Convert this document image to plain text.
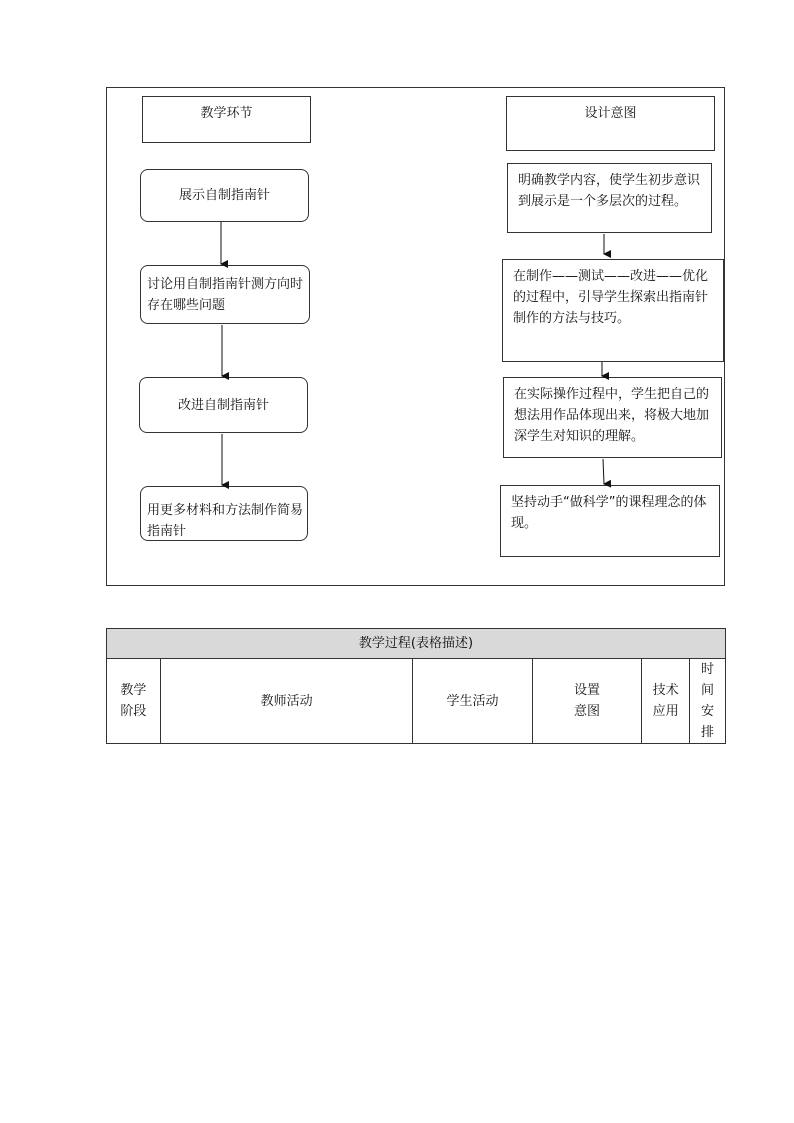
教学环节
展示自制指南针
讨论用自制指南针测方向时存在哪些问题
改进自制指南针
用更多材料和方法制作简易指南针
设计意图
明确教学内容，使学生初步意识到展示是一个多层次的过程。
在制作——测试——改进——优化的过程中，引导学生探索出指南针制作的方法与技巧。
在实际操作过程中，学生把自己的想法用作品体现出来，将极大地加深学生对知识的理解。
坚持动手“做科学”的课程理念的体现。
教学过程(表格描述)
教学阶段	教师活动	学生活动	设置意图	技术应用	时间安排
